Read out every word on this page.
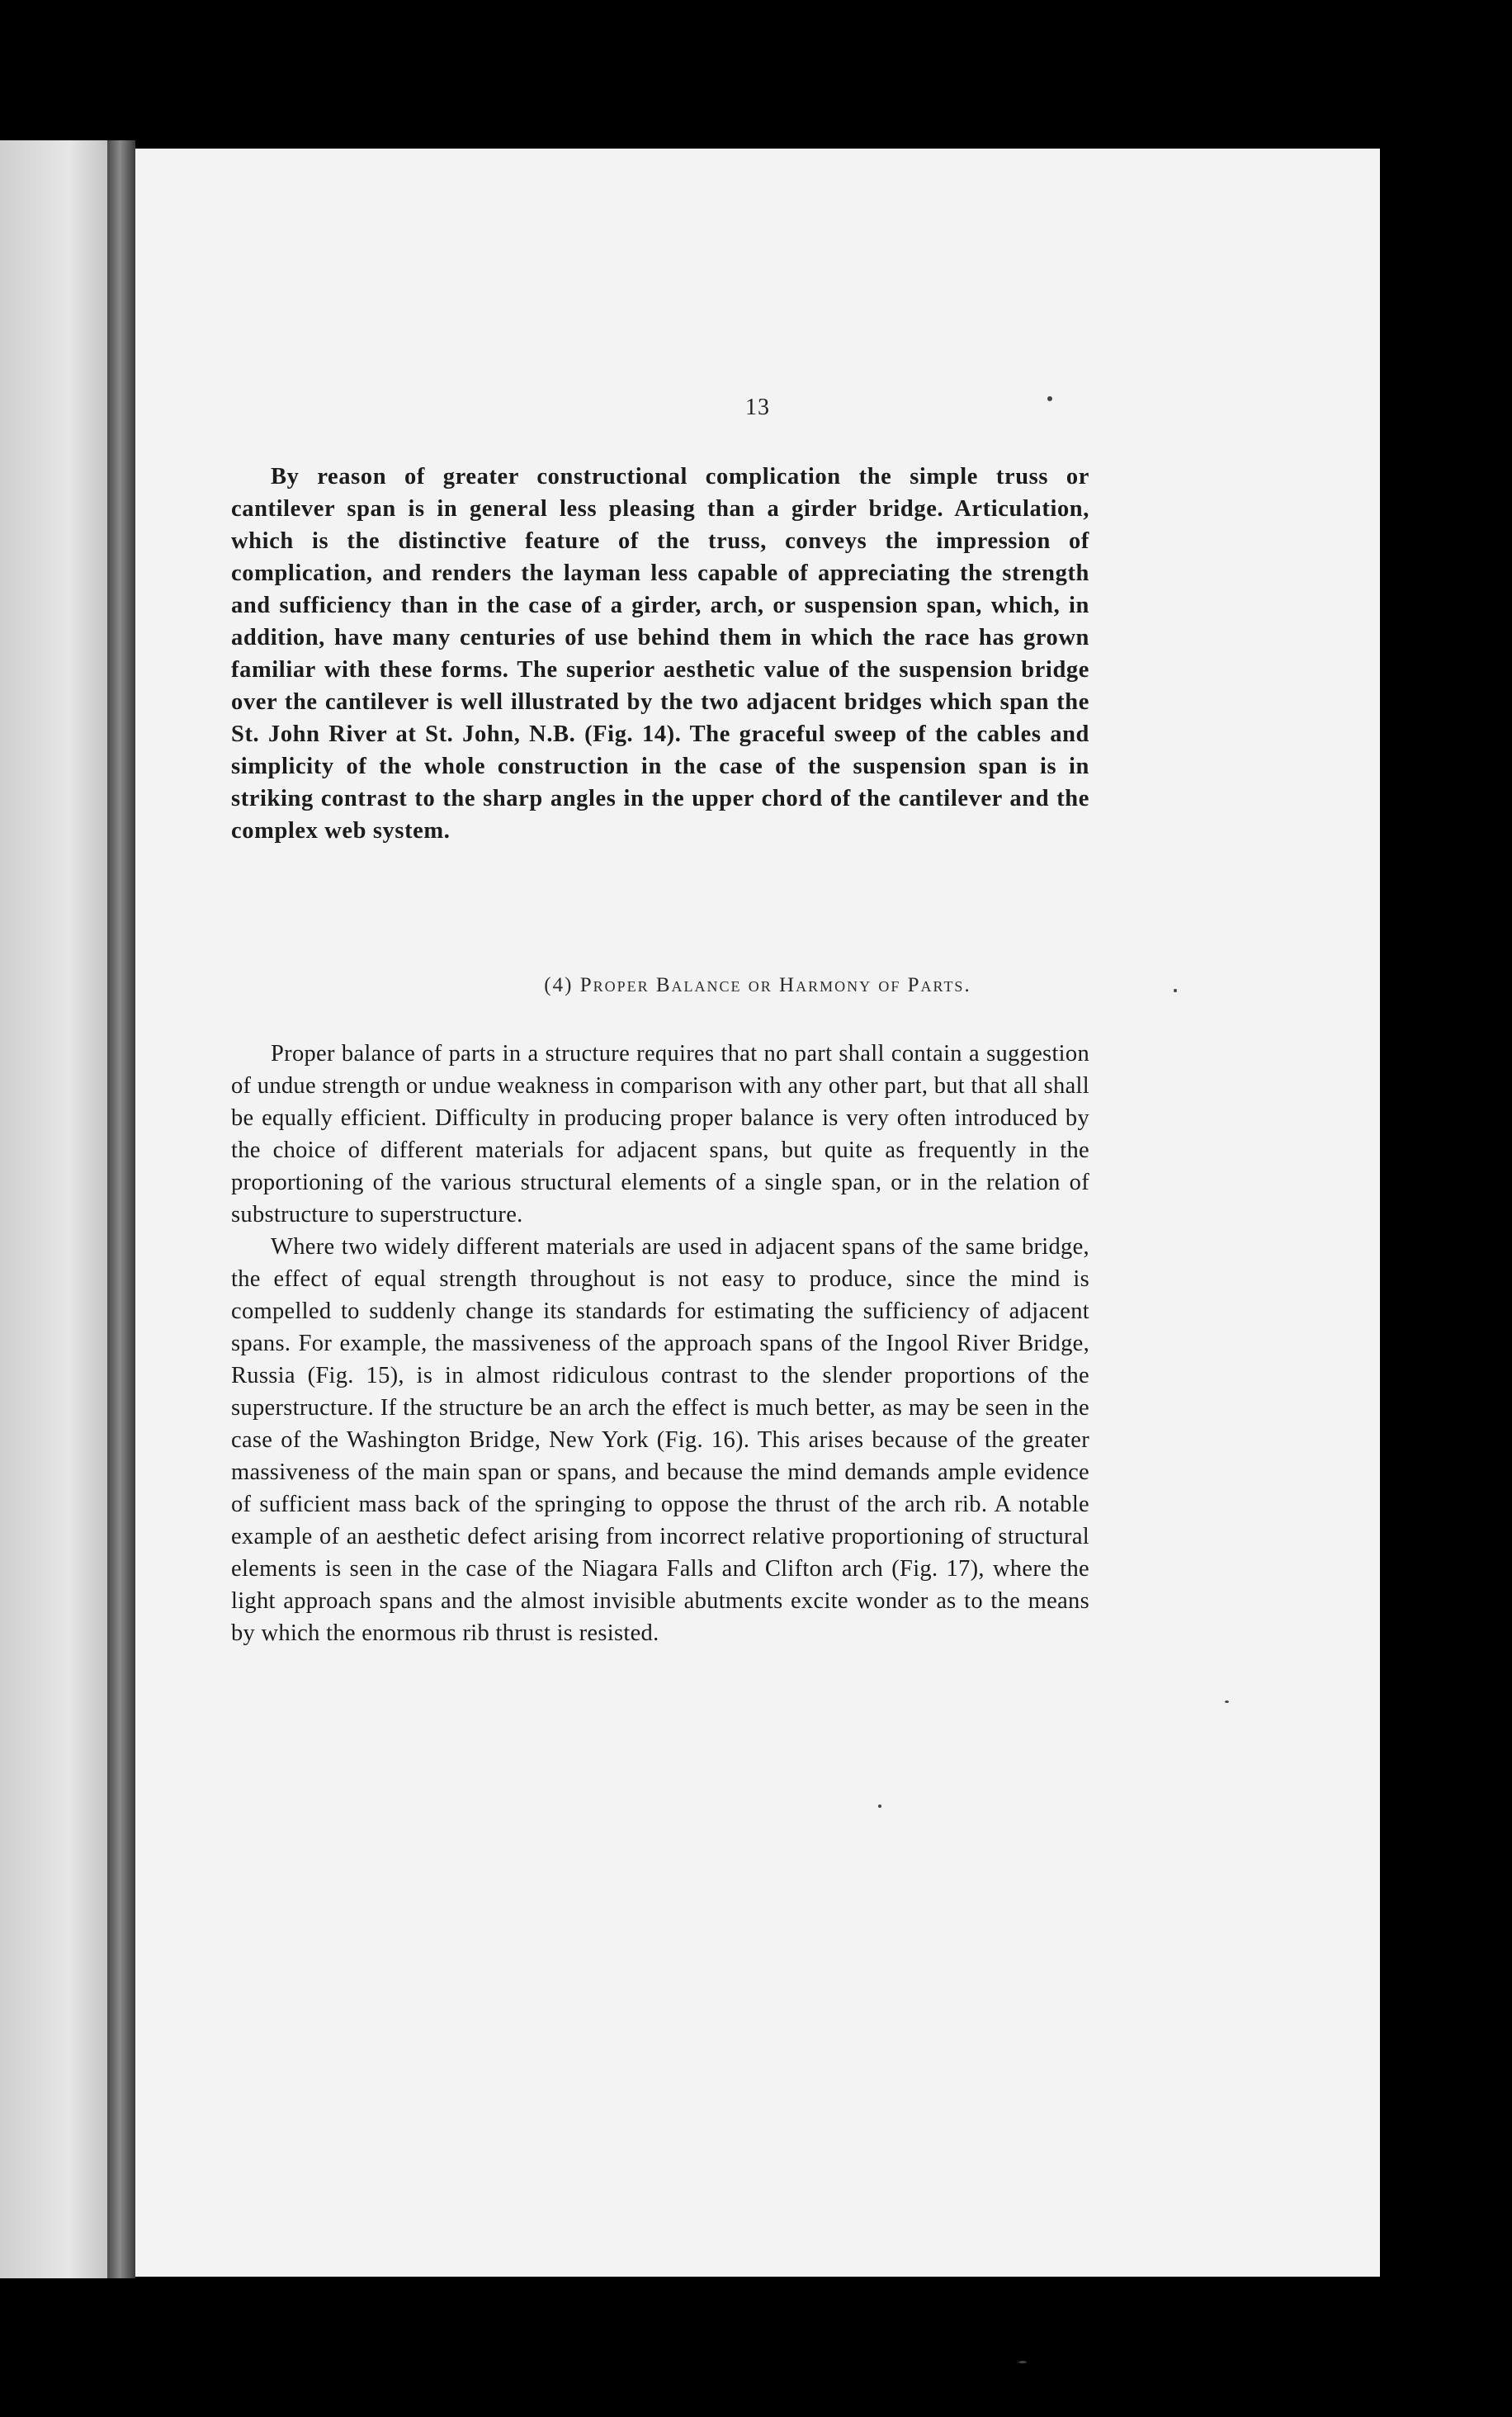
13

By reason of greater constructional complication the simple truss or cantilever span is in general less pleasing than a girder bridge. Articulation, which is the distinctive feature of the truss, conveys the impression of complication, and renders the layman less capable of appreciating the strength and sufficiency than in the case of a girder, arch, or suspension span, which, in addition, have many centuries of use behind them in which the race has grown familiar with these forms. The superior aesthetic value of the suspension bridge over the cantilever is well illustrated by the two adjacent bridges which span the St. John River at St. John, N.B. (Fig. 14). The graceful sweep of the cables and simplicity of the whole construction in the case of the suspension span is in striking contrast to the sharp angles in the upper chord of the cantilever and the complex web system.

(4) Proper Balance or Harmony of Parts.

Proper balance of parts in a structure requires that no part shall contain a suggestion of undue strength or undue weakness in comparison with any other part, but that all shall be equally efficient. Difficulty in producing proper balance is very often introduced by the choice of different materials for adjacent spans, but quite as frequently in the proportioning of the various structural elements of a single span, or in the relation of substructure to superstructure.

Where two widely different materials are used in adjacent spans of the same bridge, the effect of equal strength throughout is not easy to produce, since the mind is compelled to suddenly change its standards for estimating the sufficiency of adjacent spans. For example, the massiveness of the approach spans of the Ingool River Bridge, Russia (Fig. 15), is in almost ridiculous contrast to the slender proportions of the superstructure. If the structure be an arch the effect is much better, as may be seen in the case of the Washington Bridge, New York (Fig. 16). This arises because of the greater massiveness of the main span or spans, and because the mind demands ample evidence of sufficient mass back of the springing to oppose the thrust of the arch rib. A notable example of an aesthetic defect arising from incorrect relative proportioning of structural elements is seen in the case of the Niagara Falls and Clifton arch (Fig. 17), where the light approach spans and the almost invisible abutments excite wonder as to the means by which the enormous rib thrust is resisted.
